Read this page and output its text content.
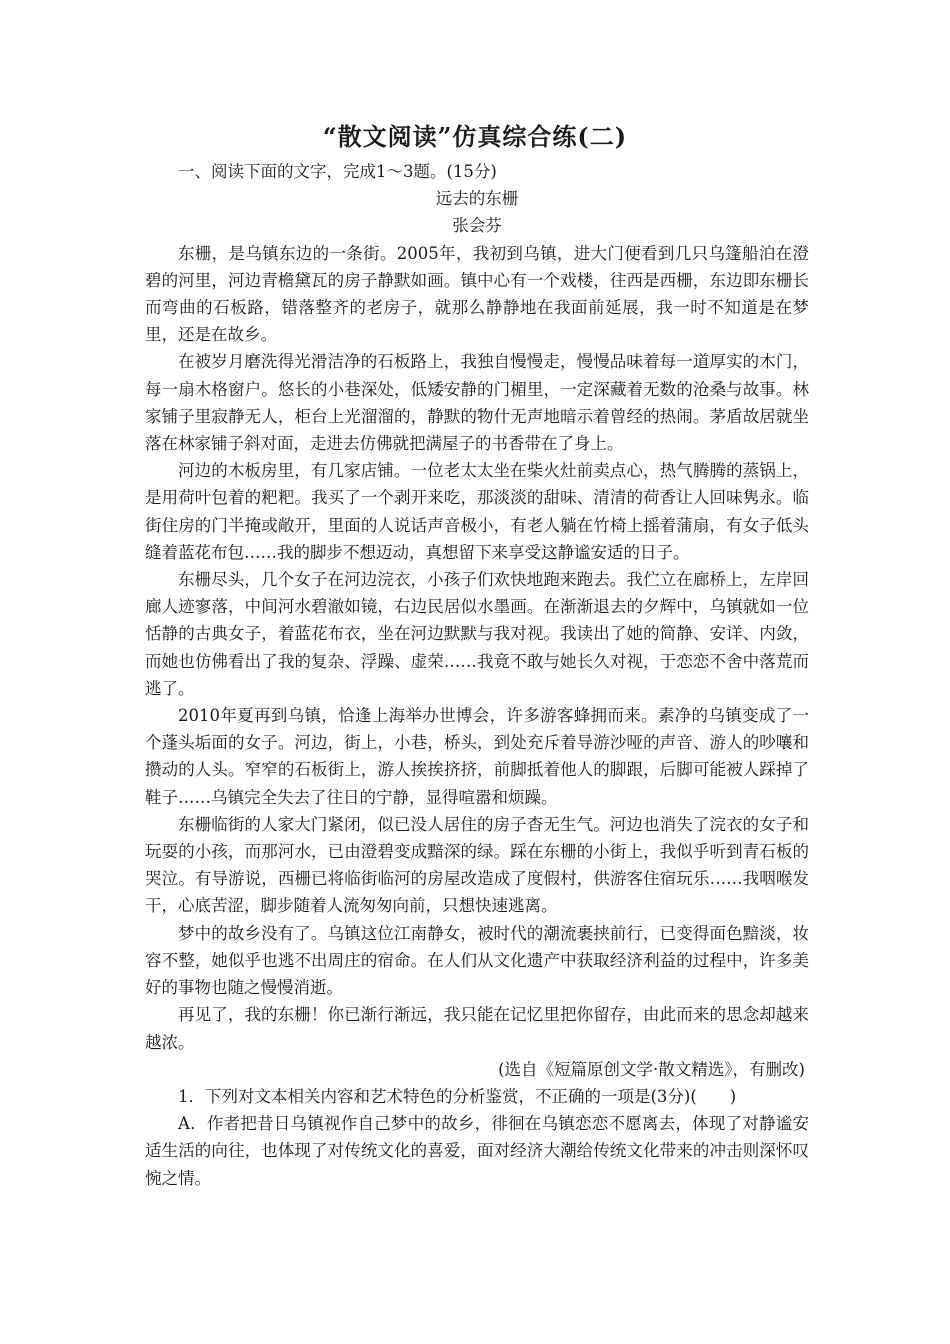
“散文阅读”仿真综合练(二)

一、阅读下面的文字，完成1～3题。(15分)

远去的东栅

张会芬

东栅，是乌镇东边的一条街。2005年，我初到乌镇，进大门便看到几只乌篷船泊在澄碧的河里，河边青檐黛瓦的房子静默如画。镇中心有一个戏楼，往西是西栅，东边即东栅长而弯曲的石板路，错落整齐的老房子，就那么静静地在我面前延展，我一时不知道是在梦里，还是在故乡。

在被岁月磨洗得光滑洁净的石板路上，我独自慢慢走，慢慢品味着每一道厚实的木门，每一扇木格窗户。悠长的小巷深处，低矮安静的门楣里，一定深藏着无数的沧桑与故事。林家铺子里寂静无人，柜台上光溜溜的，静默的物什无声地暗示着曾经的热闹。茅盾故居就坐落在林家铺子斜对面，走进去仿佛就把满屋子的书香带在了身上。

河边的木板房里，有几家店铺。一位老太太坐在柴火灶前卖点心，热气腾腾的蒸锅上，是用荷叶包着的粑粑。我买了一个剥开来吃，那淡淡的甜味、清清的荷香让人回味隽永。临街住房的门半掩或敞开，里面的人说话声音极小，有老人躺在竹椅上摇着蒲扇，有女子低头缝着蓝花布包……我的脚步不想迈动，真想留下来享受这静谧安适的日子。

东栅尽头，几个女子在河边浣衣，小孩子们欢快地跑来跑去。我伫立在廊桥上，左岸回廊人迹寥落，中间河水碧澈如镜，右边民居似水墨画。在渐渐退去的夕辉中，乌镇就如一位恬静的古典女子，着蓝花布衣，坐在河边默默与我对视。我读出了她的简静、安详、内敛，而她也仿佛看出了我的复杂、浮躁、虚荣……我竟不敢与她长久对视，于恋恋不舍中落荒而逃了。

2010年夏再到乌镇，恰逢上海举办世博会，许多游客蜂拥而来。素净的乌镇变成了一个蓬头垢面的女子。河边，街上，小巷，桥头，到处充斥着导游沙哑的声音、游人的吵嚷和攒动的人头。窄窄的石板街上，游人挨挨挤挤，前脚抵着他人的脚跟，后脚可能被人踩掉了鞋子……乌镇完全失去了往日的宁静，显得喧嚣和烦躁。

东栅临街的人家大门紧闭，似已没人居住的房子杳无生气。河边也消失了浣衣的女子和玩耍的小孩，而那河水，已由澄碧变成黯深的绿。踩在东栅的小街上，我似乎听到青石板的哭泣。有导游说，西栅已将临街临河的房屋改造成了度假村，供游客住宿玩乐……我咽喉发干，心底苦涩，脚步随着人流匆匆向前，只想快速逃离。

梦中的故乡没有了。乌镇这位江南静女，被时代的潮流裹挟前行，已变得面色黯淡，妆容不整，她似乎也逃不出周庄的宿命。在人们从文化遗产中获取经济利益的过程中，许多美好的事物也随之慢慢消逝。

再见了，我的东栅！你已渐行渐远，我只能在记忆里把你留存，由此而来的思念却越来越浓。

(选自《短篇原创文学·散文精选》，有删改)

1．下列对文本相关内容和艺术特色的分析鉴赏，不正确的一项是(3分)(　　)

A．作者把昔日乌镇视作自己梦中的故乡，徘徊在乌镇恋恋不愿离去，体现了对静谧安适生活的向往，也体现了对传统文化的喜爱，面对经济大潮给传统文化带来的冲击则深怀叹惋之情。
